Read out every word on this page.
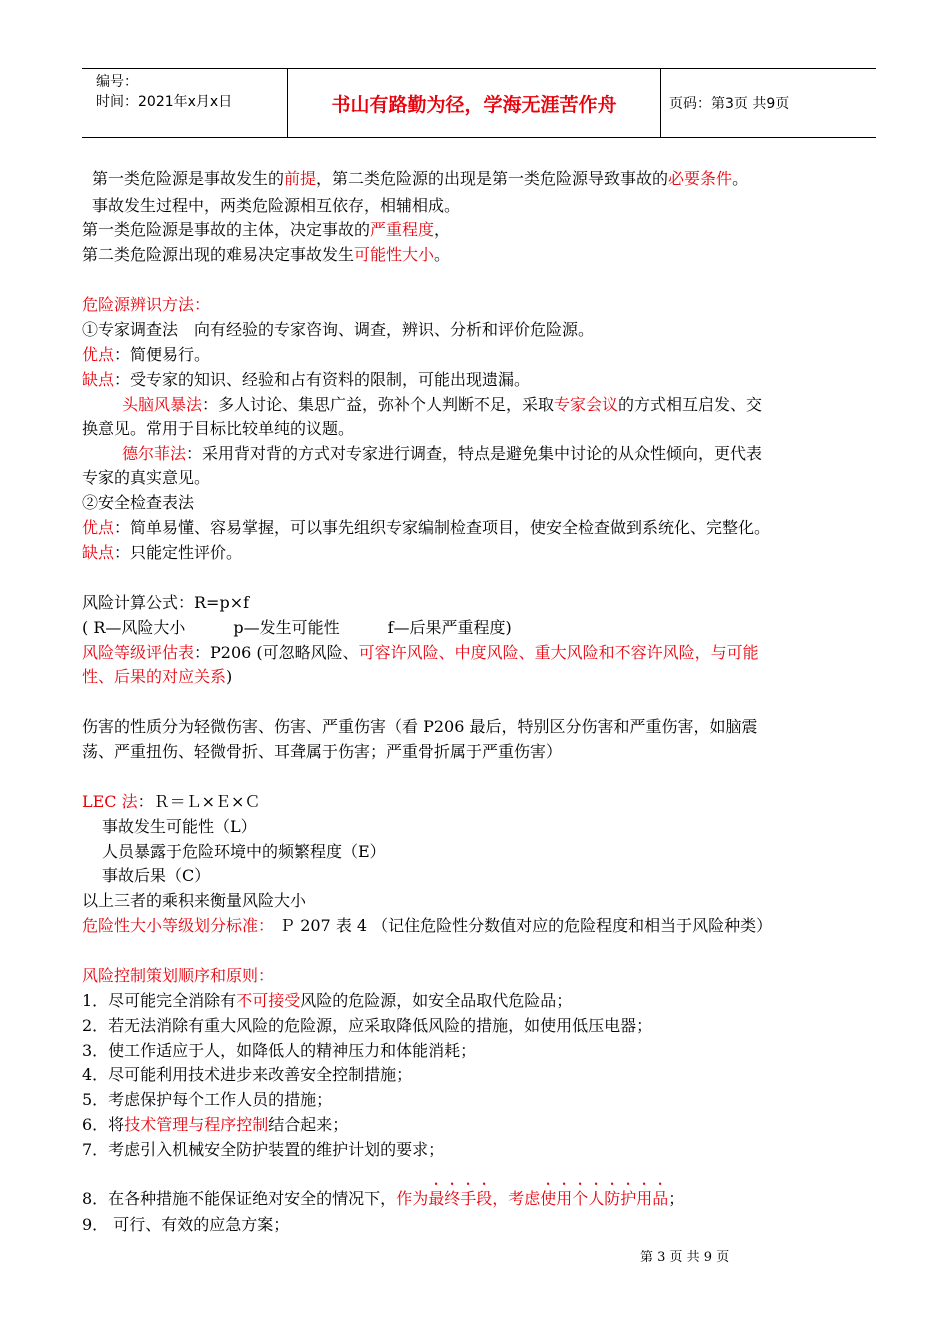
编号：
时间：2021年x月x日	书山有路勤为径，学海无涯苦作舟	页码：第3页 共9页
第一类危险源是事故发生的前提，第二类危险源的出现是第一类危险源导致事故的必要条件。
事故发生过程中，两类危险源相互依存，相辅相成。
第一类危险源是事故的主体，决定事故的严重程度，
第二类危险源出现的难易决定事故发生可能性大小。
危险源辨识方法：
①专家调查法　向有经验的专家咨询、调查，辨识、分析和评价危险源。
优点：简便易行。
缺点：受专家的知识、经验和占有资料的限制，可能出现遗漏。
头脑风暴法：多人讨论、集思广益，弥补个人判断不足，采取专家会议的方式相互启发、交
换意见。常用于目标比较单纯的议题。
德尔菲法：采用背对背的方式对专家进行调查，特点是避免集中讨论的从众性倾向，更代表
专家的真实意见。
②安全检查表法
优点：简单易懂、容易掌握，可以事先组织专家编制检查项目，使安全检查做到系统化、完整化。
缺点：只能定性评价。
风险计算公式：R=p×f
( R—风险大小　　　p—发生可能性　　　f—后果严重程度)
风险等级评估表：P206 (可忽略风险、可容许风险、中度风险、重大风险和不容许风险，与可能
性、后果的对应关系)
伤害的性质分为轻微伤害、伤害、严重伤害（看 P206 最后，特别区分伤害和严重伤害，如脑震
荡、严重扭伤、轻微骨折、耳聋属于伤害；严重骨折属于严重伤害）
LEC 法：Ｒ＝Ｌ×Ｅ×Ｃ
事故发生可能性（L）
人员暴露于危险环境中的频繁程度（E）
事故后果（C）
以上三者的乘积来衡量风险大小
危险性大小等级划分标准： Ｐ 207 表 4 （记住危险性分数值对应的危险程度和相当于风险种类）
风险控制策划顺序和原则：
1．尽可能完全消除有不可接受风险的危险源，如安全品取代危险品；
2．若无法消除有重大风险的危险源，应采取降低风险的措施，如使用低压电器；
3．使工作适应于人，如降低人的精神压力和体能消耗；
4．尽可能利用技术进步来改善安全控制措施；
5．考虑保护每个工作人员的措施；
6．将技术管理与程序控制结合起来；
7．考虑引入机械安全防护装置的维护计划的要求；
8．在各种措施不能保证绝对安全的情况下，作为最终手段，考虑使用个人防护用品；
9． 可行、有效的应急方案；
第 3 页 共 9 页
